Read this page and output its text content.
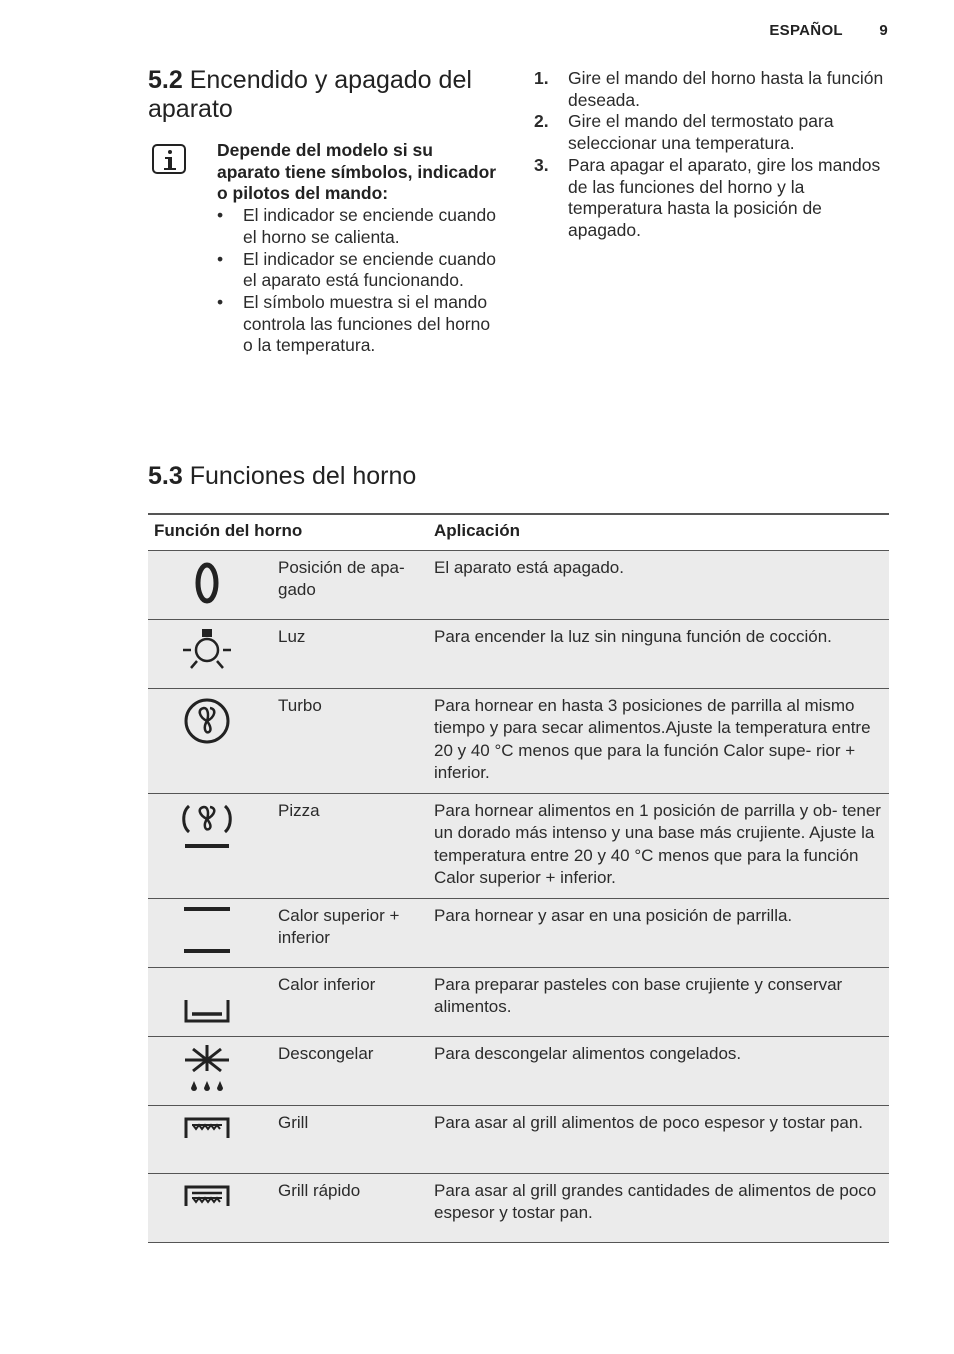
ESPAÑOL 9
5.2 Encendido y apagado del aparato
Depende del modelo si su aparato tiene símbolos, indicador o pilotos del mando:
• El indicador se enciende cuando el horno se calienta.
• El indicador se enciende cuando el aparato está funcionando.
• El símbolo muestra si el mando controla las funciones del horno o la temperatura.
1. Gire el mando del horno hasta la función deseada.
2. Gire el mando del termostato para seleccionar una temperatura.
3. Para apagar el aparato, gire los mandos de las funciones del horno y la temperatura hasta la posición de apagado.
5.3 Funciones del horno
Función del horno		Aplicación

	Posición de apa- gado	El aparato está apagado.

	Luz	Para encender la luz sin ninguna función de cocción.

	Turbo	Para hornear en hasta 3 posiciones de parrilla al mismo tiempo y para secar alimentos.Ajuste la temperatura entre 20 y 40 °C menos que para la función Calor supe- rior + inferior.

	Pizza	Para hornear alimentos en 1 posición de parrilla y ob- tener un dorado más intenso y una base más crujiente. Ajuste la temperatura entre 20 y 40 °C menos que para la función Calor superior + inferior.

	Calor superior + inferior	Para hornear y asar en una posición de parrilla.

	Calor inferior	Para preparar pasteles con base crujiente y conservar alimentos.

	Descongelar	Para descongelar alimentos congelados.

	Grill	Para asar al grill alimentos de poco espesor y tostar pan.

	Grill rápido	Para asar al grill grandes cantidades de alimentos de poco espesor y tostar pan.
